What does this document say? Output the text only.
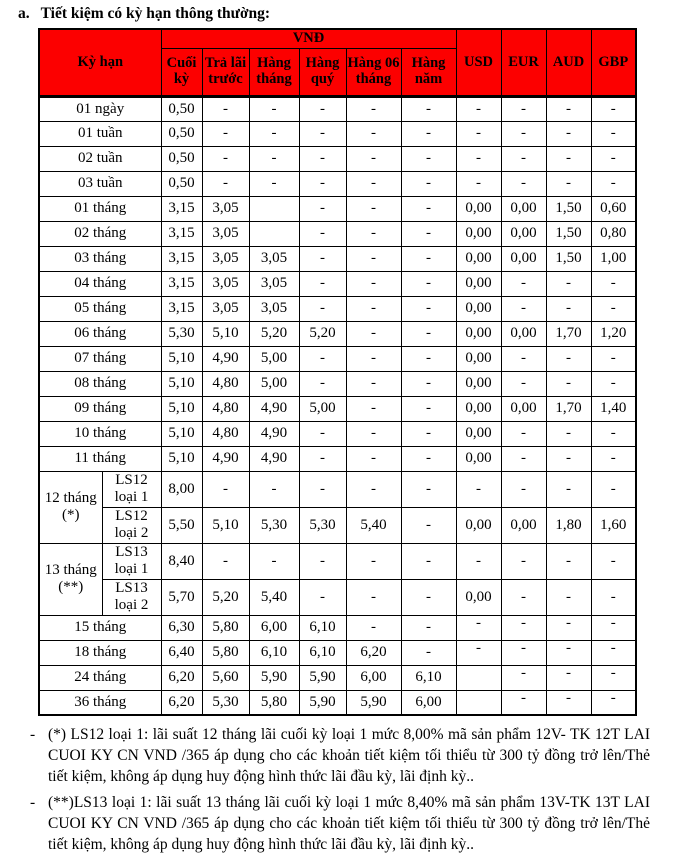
a. Tiết kiệm có kỳ hạn thông thường:
Kỳ hạn		VNĐ						USD	EUR	AUD	GBP
		Cuối kỳ	Trả lãi trước	Hàng tháng	Hàng quý	Hàng 06 tháng	Hàng năm				
01 ngày		0,50	-	-	-	-	-	-	-	-	-
01 tuần		0,50	-	-	-	-	-	-	-	-	-
02 tuần		0,50	-	-	-	-	-	-	-	-	-
03 tuần		0,50	-	-	-	-	-	-	-	-	-
01 tháng		3,15	3,05		-	-	-	0,00	0,00	1,50	0,60
02 tháng		3,15	3,05		-	-	-	0,00	0,00	1,50	0,80
03 tháng		3,15	3,05	3,05	-	-	-	0,00	0,00	1,50	1,00
04 tháng		3,15	3,05	3,05	-	-	-	0,00	-	-	-
05 tháng		3,15	3,05	3,05	-	-	-	0,00	-	-	-
06 tháng		5,30	5,10	5,20	5,20	-	-	0,00	0,00	1,70	1,20
07 tháng		5,10	4,90	5,00	-	-	-	0,00	-	-	-
08 tháng		5,10	4,80	5,00	-	-	-	0,00	-	-	-
09 tháng		5,10	4,80	4,90	5,00	-	-	0,00	0,00	1,70	1,40
10 tháng		5,10	4,80	4,90	-	-	-	0,00	-	-	-
11 tháng		5,10	4,90	4,90	-	-	-	0,00	-	-	-
12 tháng (*)	LS12 loại 1	8,00	-	-	-	-	-	-	-	-	-
	LS12 loại 2	5,50	5,10	5,30	5,30	5,40	-	0,00	0,00	1,80	1,60
13 tháng (**)	LS13 loại 1	8,40	-	-	-	-	-	-	-	-	-
	LS13 loại 2	5,70	5,20	5,40	-	-	-	0,00	-	-	-
15 tháng		6,30	5,80	6,00	6,10	-	-	-	-	-	-
18 tháng		6,40	5,80	6,10	6,10	6,20	-	-	-	-	-
24 tháng		6,20	5,60	5,90	5,90	6,00	6,10		-	-	-
36 tháng		6,20	5,30	5,80	5,90	5,90	6,00		-	-	-
- (*) LS12 loại 1: lãi suất 12 tháng lãi cuối kỳ loại 1 mức 8,00% mã sản phẩm 12V- TK 12T LAI CUOI KY CN VND /365 áp dụng cho các khoản tiết kiệm tối thiểu từ 300 tỷ đồng trở lên/Thẻ tiết kiệm, không áp dụng huy động hình thức lãi đầu kỳ, lãi định kỳ..
- (**)LS13 loại 1: lãi suất 13 tháng lãi cuối kỳ loại 1 mức 8,40% mã sản phẩm 13V-TK 13T LAI CUOI KY CN VND /365 áp dụng cho các khoản tiết kiệm tối thiểu từ 300 tỷ đồng trở lên/Thẻ tiết kiệm, không áp dụng huy động hình thức lãi đầu kỳ, lãi định kỳ..
